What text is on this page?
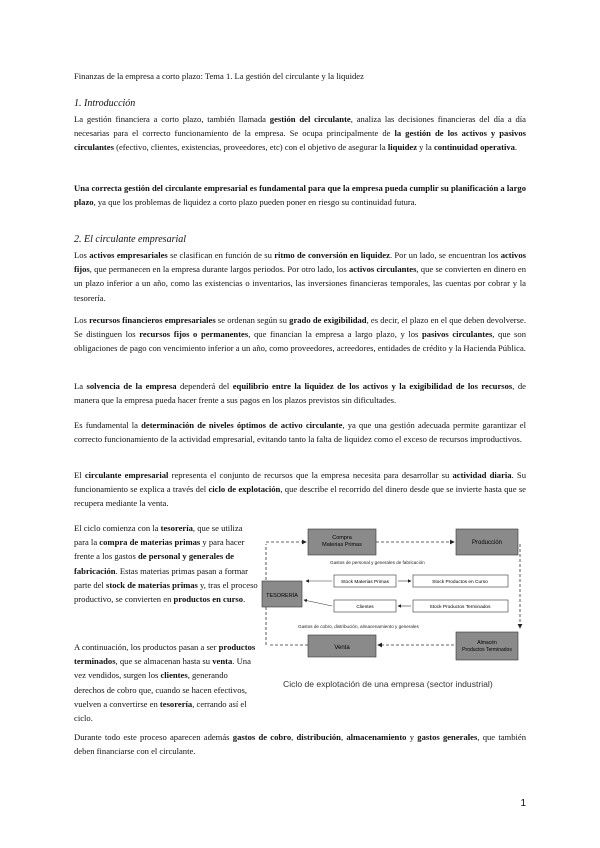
Finanzas de la empresa a corto plazo: Tema 1. La gestión del circulante y la liquidez
1. Introducción
La gestión financiera a corto plazo, también llamada gestión del circulante, analiza las decisiones financieras del día a día necesarias para el correcto funcionamiento de la empresa. Se ocupa principalmente de la gestión de los activos y pasivos circulantes (efectivo, clientes, existencias, proveedores, etc) con el objetivo de asegurar la liquidez y la continuidad operativa.
Una correcta gestión del circulante empresarial es fundamental para que la empresa pueda cumplir su planificación a largo plazo, ya que los problemas de liquidez a corto plazo pueden poner en riesgo su continuidad futura.
2. El circulante empresarial
Los activos empresariales se clasifican en función de su ritmo de conversión en liquidez. Por un lado, se encuentran los activos fijos, que permanecen en la empresa durante largos periodos. Por otro lado, los activos circulantes, que se convierten en dinero en un plazo inferior a un año, como las existencias o inventarios, las inversiones financieras temporales, las cuentas por cobrar y la tesorería.
Los recursos financieros empresariales se ordenan según su grado de exigibilidad, es decir, el plazo en el que deben devolverse. Se distinguen los recursos fijos o permanentes, que financian la empresa a largo plazo, y los pasivos circulantes, que son obligaciones de pago con vencimiento inferior a un año, como proveedores, acreedores, entidades de crédito y la Hacienda Pública.
La solvencia de la empresa dependerá del equilibrio entre la liquidez de los activos y la exigibilidad de los recursos, de manera que la empresa pueda hacer frente a sus pagos en los plazos previstos sin dificultades.
Es fundamental la determinación de niveles óptimos de activo circulante, ya que una gestión adecuada permite garantizar el correcto funcionamiento de la actividad empresarial, evitando tanto la falta de liquidez como el exceso de recursos improductivos.
El circulante empresarial representa el conjunto de recursos que la empresa necesita para desarrollar su actividad diaria. Su funcionamiento se explica a través del ciclo de explotación, que describe el recorrido del dinero desde que se invierte hasta que se recupera mediante la venta.
El ciclo comienza con la tesorería, que se utiliza para la compra de materias primas y para hacer frente a los gastos de personal y generales de fabricación. Estas materias primas pasan a formar parte del stock de materias primas y, tras el proceso productivo, se convierten en productos en curso.
A continuación, los productos pasan a ser productos terminados, que se almacenan hasta su venta. Una vez vendidos, surgen los clientes, generando derechos de cobro que, cuando se hacen efectivos, vuelven a convertirse en tesorería, cerrando así el ciclo.
Durante todo este proceso aparecen además gastos de cobro, distribución, almacenamiento y gastos generales, que también deben financiarse con el circulante.
Compra Materias Primas	Producción
Gastos de personal y generales de fabricación
TESORERÍA
Stock Materias Primas	Stock Productos en Curso
Clientes	Stock Productos Terminados
Gastos de cobro, distribución, almacenamiento y generales
Venta
Almacén Productos Terminados
Ciclo de explotación de una empresa (sector industrial)
1
